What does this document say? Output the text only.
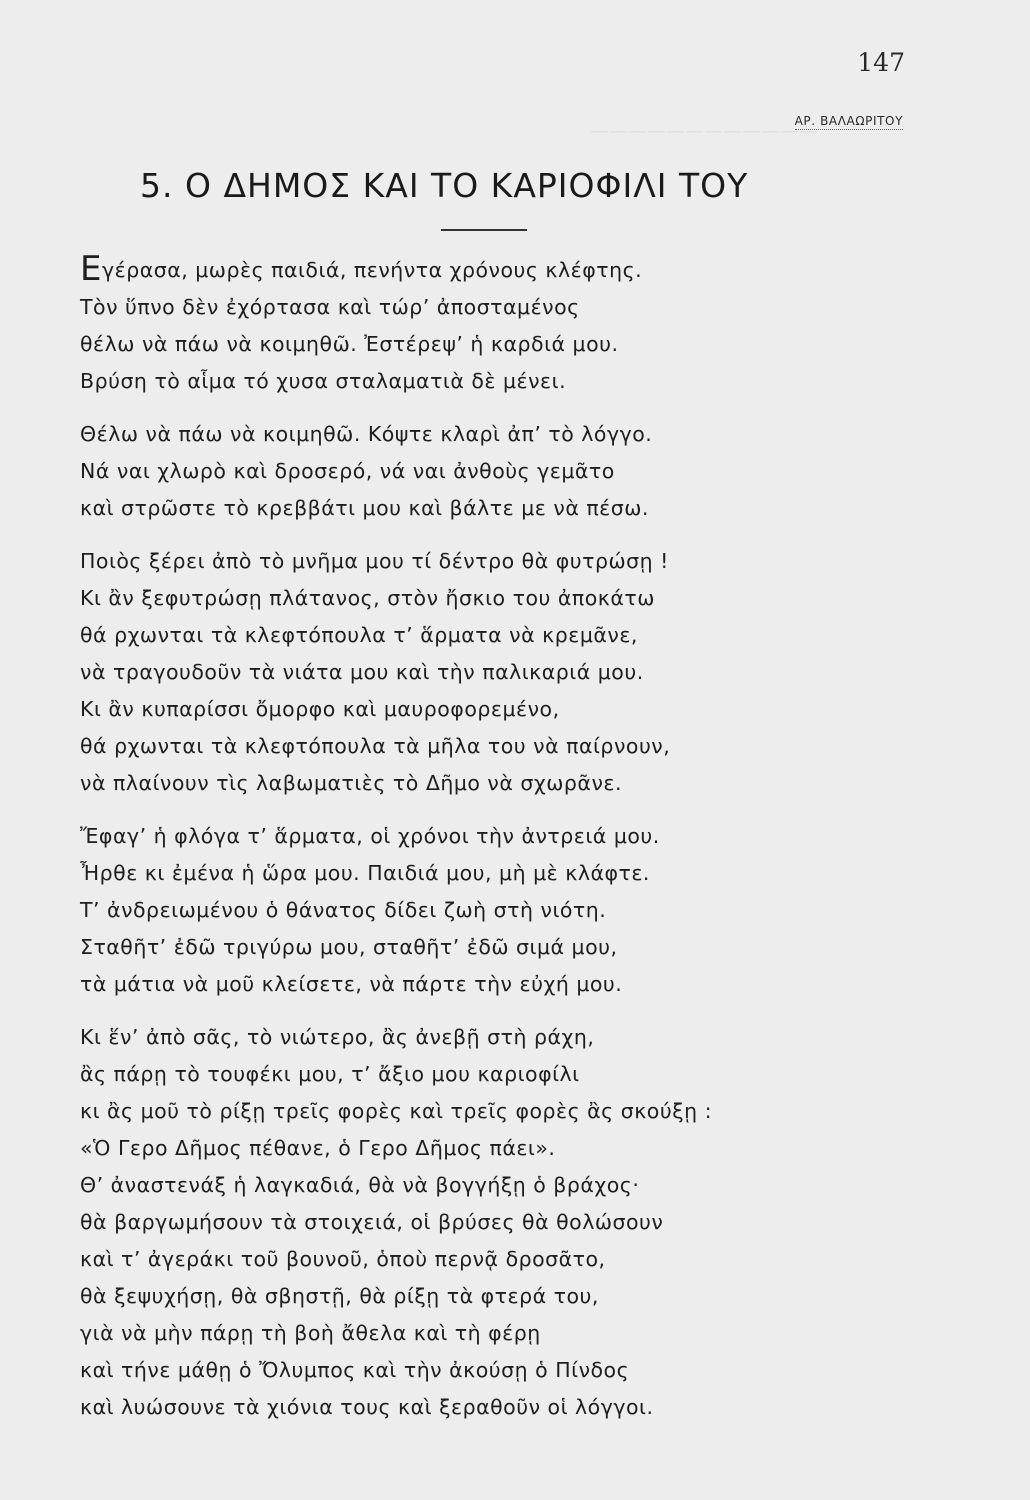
————————————
147
ΑΡ. ΒΑΛΑΩΡΙΤΟΥ
5. Ο ΔΗΜΟΣ ΚΑΙ ΤΟ ΚΑΡΙΟΦΙΛΙ ΤΟΥ
Εγέρασα, μωρὲς παιδιά, πενήντα χρόνους κλέφτης.
Τὸν ὕπνο δὲν ἐχόρτασα καὶ τώρ’ ἀποσταμένος
θέλω νὰ πάω νὰ κοιμηθῶ. Ἐστέρεψ’ ἡ καρδιά μου.
Βρύση τὸ αἷμα τό χυσα σταλαματιὰ δὲ μένει.
Θέλω νὰ πάω νὰ κοιμηθῶ. Κόψτε κλαρὶ ἀπ’ τὸ λόγγο.
Νά ναι χλωρὸ καὶ δροσερό, νά ναι ἀνθοὺς γεμᾶτο
καὶ στρῶστε τὸ κρεββάτι μου καὶ βάλτε με νὰ πέσω.
Ποιὸς ξέρει ἀπὸ τὸ μνῆμα μου τί δέντρο θὰ φυτρώσῃ !
Κι ἂν ξεφυτρώσῃ πλάτανος, στὸν ἤσκιο του ἀποκάτω
θά ρχωνται τὰ κλεφτόπουλα τ’ ἅρματα νὰ κρεμᾶνε,
νὰ τραγουδοῦν τὰ νιάτα μου καὶ τὴν παλικαριά μου.
Κι ἂν κυπαρίσσι ὄμορφο καὶ μαυροφορεμένο,
θά ρχωνται τὰ κλεφτόπουλα τὰ μῆλα του νὰ παίρνουν,
νὰ πλαίνουν τὶς λαβωματιὲς τὸ Δῆμο νὰ σχωρᾶνε.
Ἔφαγ’ ἡ φλόγα τ’ ἅρματα, οἱ χρόνοι τὴν ἀντρειά μου.
Ἦρθε κι ἐμένα ἡ ὥρα μου. Παιδιά μου, μὴ μὲ κλάφτε.
Τ’ ἀνδρειωμένου ὁ θάνατος δίδει ζωὴ στὴ νιότη.
Σταθῆτ’ ἐδῶ τριγύρω μου, σταθῆτ’ ἐδῶ σιμά μου,
τὰ μάτια νὰ μοῦ κλείσετε, νὰ πάρτε τὴν εὐχή μου.
Κι ἕν’ ἀπὸ σᾶς, τὸ νιώτερο, ἂς ἀνεβῇ στὴ ράχη,
ἂς πάρῃ τὸ τουφέκι μου, τ’ ἄξιο μου καριοφίλι
κι ἂς μοῦ τὸ ρίξῃ τρεῖς φορὲς καὶ τρεῖς φορὲς ἂς σκούξῃ :
«Ὁ Γερο Δῆμος πέθανε, ὁ Γερο Δῆμος πάει».
Θ’ ἀναστενάξ ἡ λαγκαδιά, θὰ νὰ βογγήξῃ ὁ βράχος·
θὰ βαργωμήσουν τὰ στοιχειά, οἱ βρύσες θὰ θολώσουν
καὶ τ’ ἀγεράκι τοῦ βουνοῦ, ὁποὺ περνᾷ δροσᾶτο,
θὰ ξεψυχήσῃ, θὰ σβηστῇ, θὰ ρίξῃ τὰ φτερά του,
γιὰ νὰ μὴν πάρῃ τὴ βοὴ ἄθελα καὶ τὴ φέρῃ
καὶ τήνε μάθῃ ὁ Ὄλυμπος καὶ τὴν ἀκούσῃ ὁ Πίνδος
καὶ λυώσουνε τὰ χιόνια τους καὶ ξεραθοῦν οἱ λόγγοι.
